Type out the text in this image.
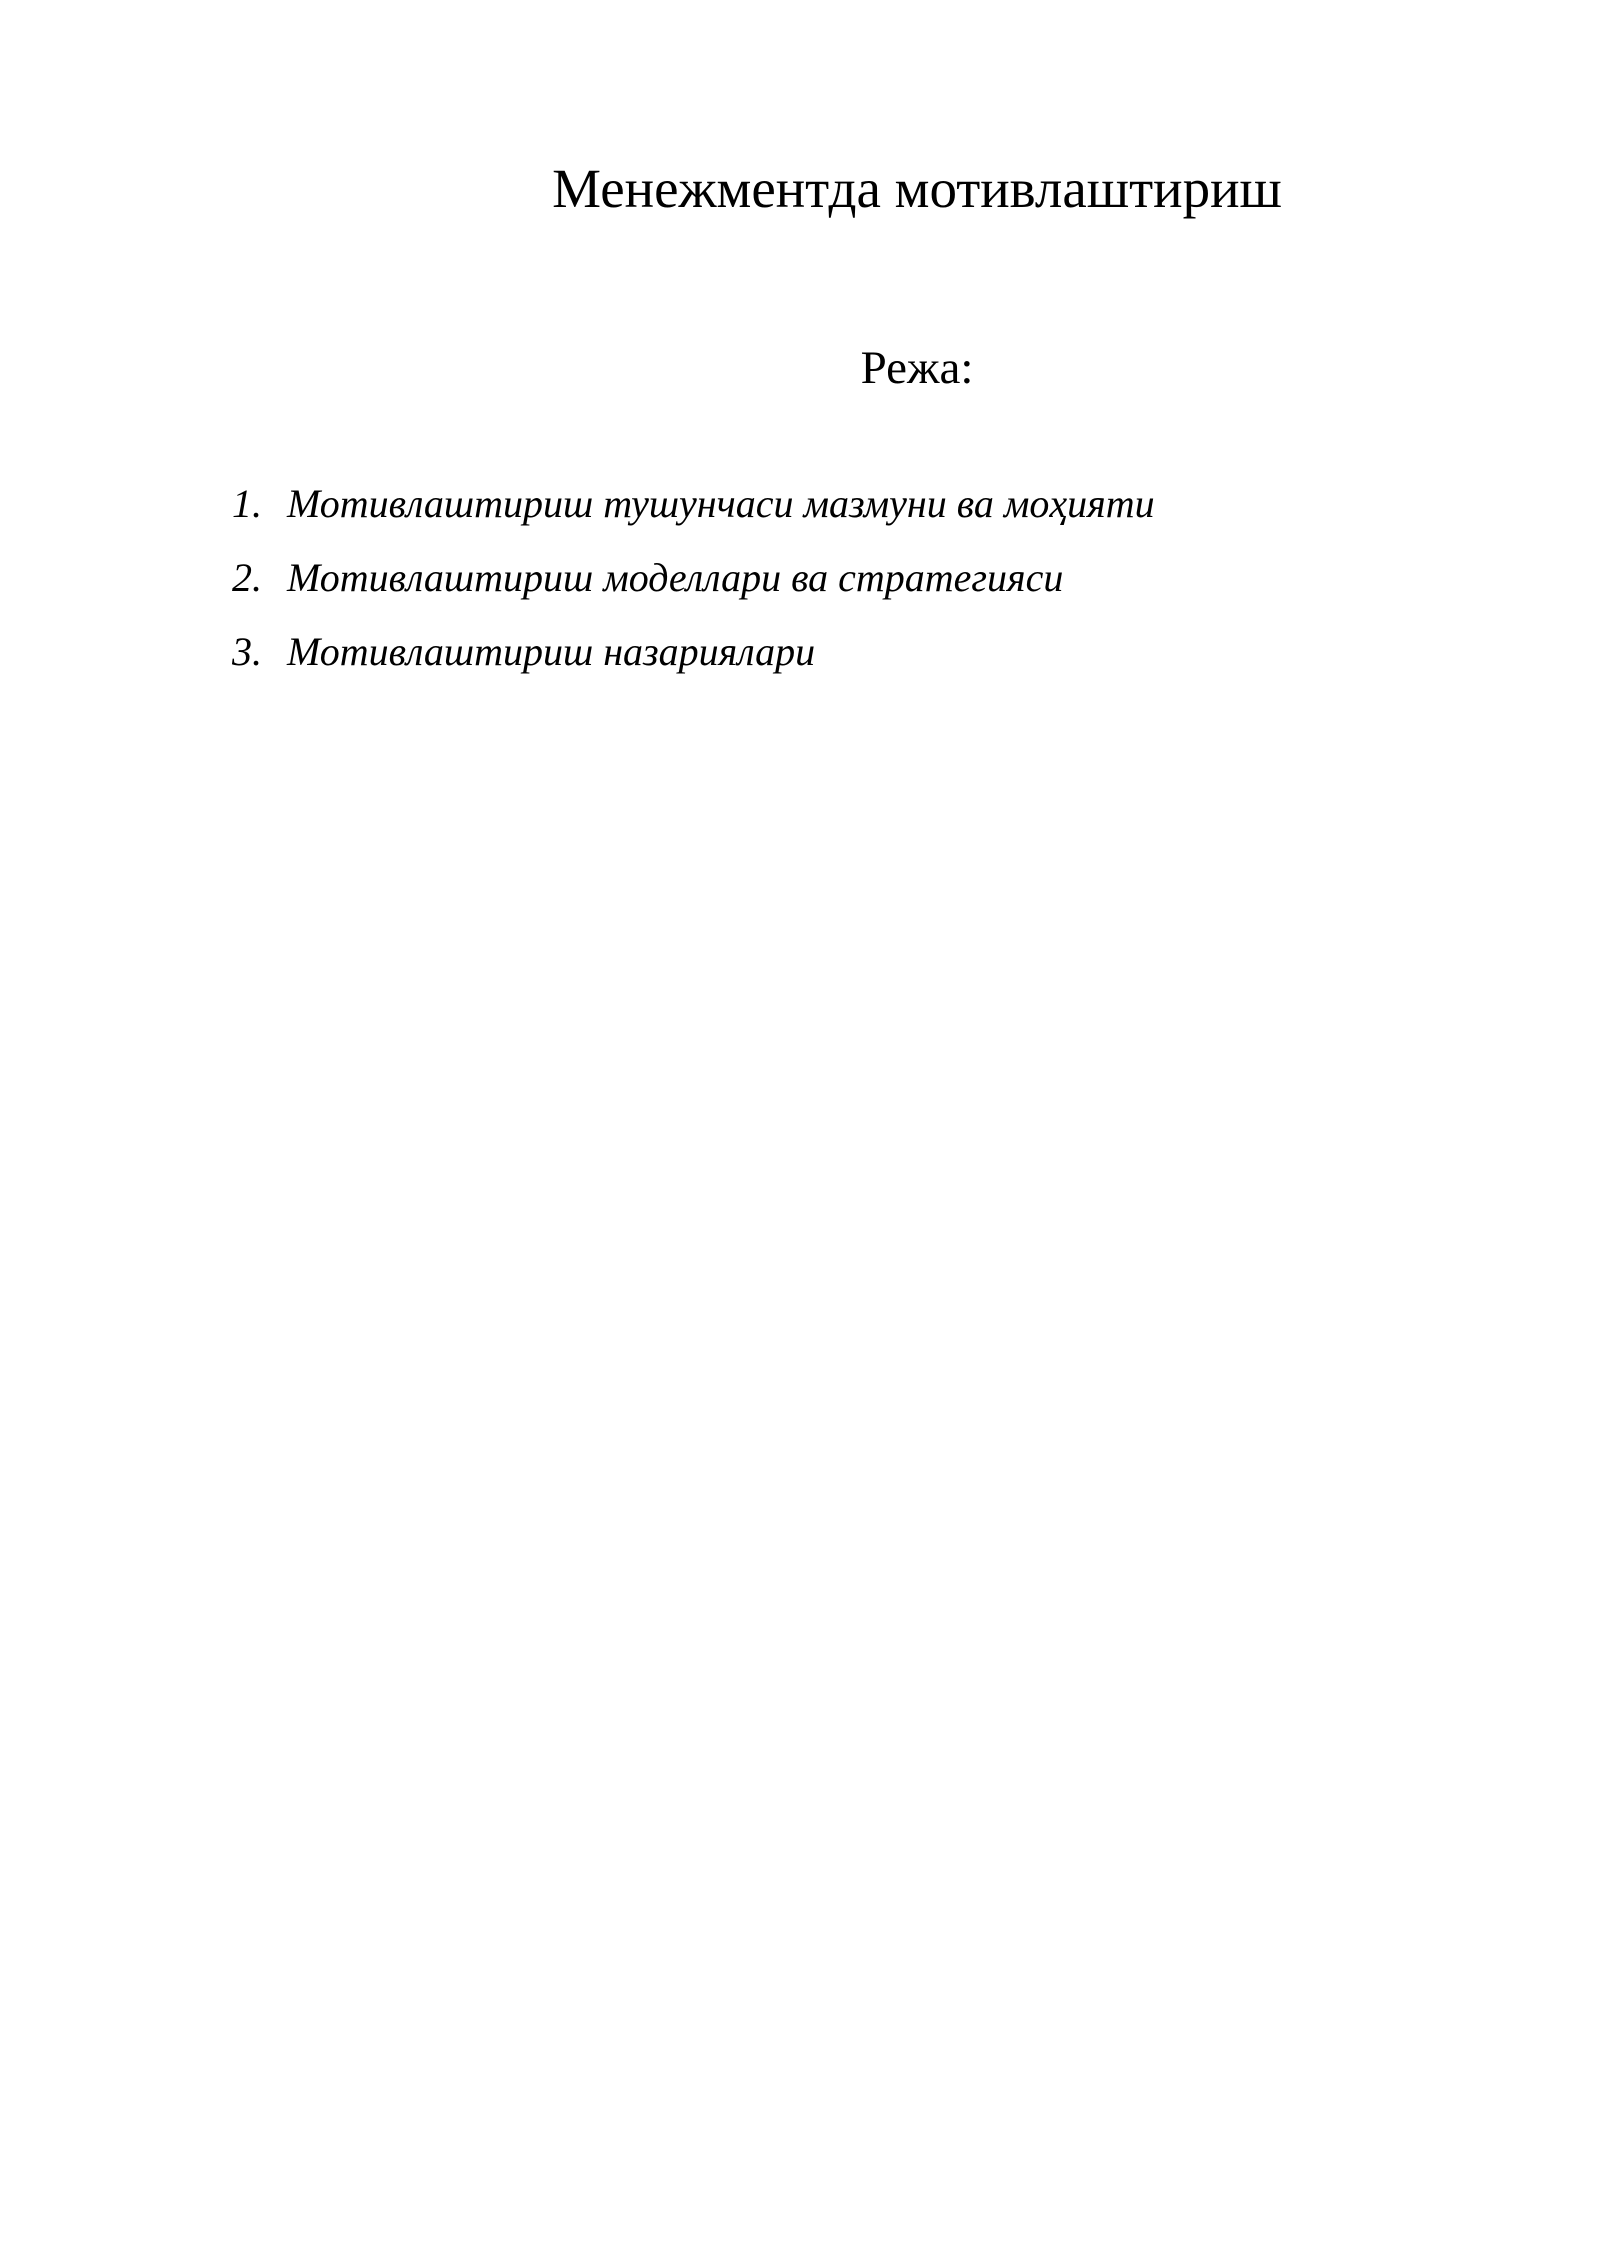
Менежментда мотивлаштириш

Режа:

1. Мотивлаштириш тушунчаси мазмуни ва моҳияти
2. Мотивлаштириш моделлари ва стратегияси
3. Мотивлаштириш назариялари
